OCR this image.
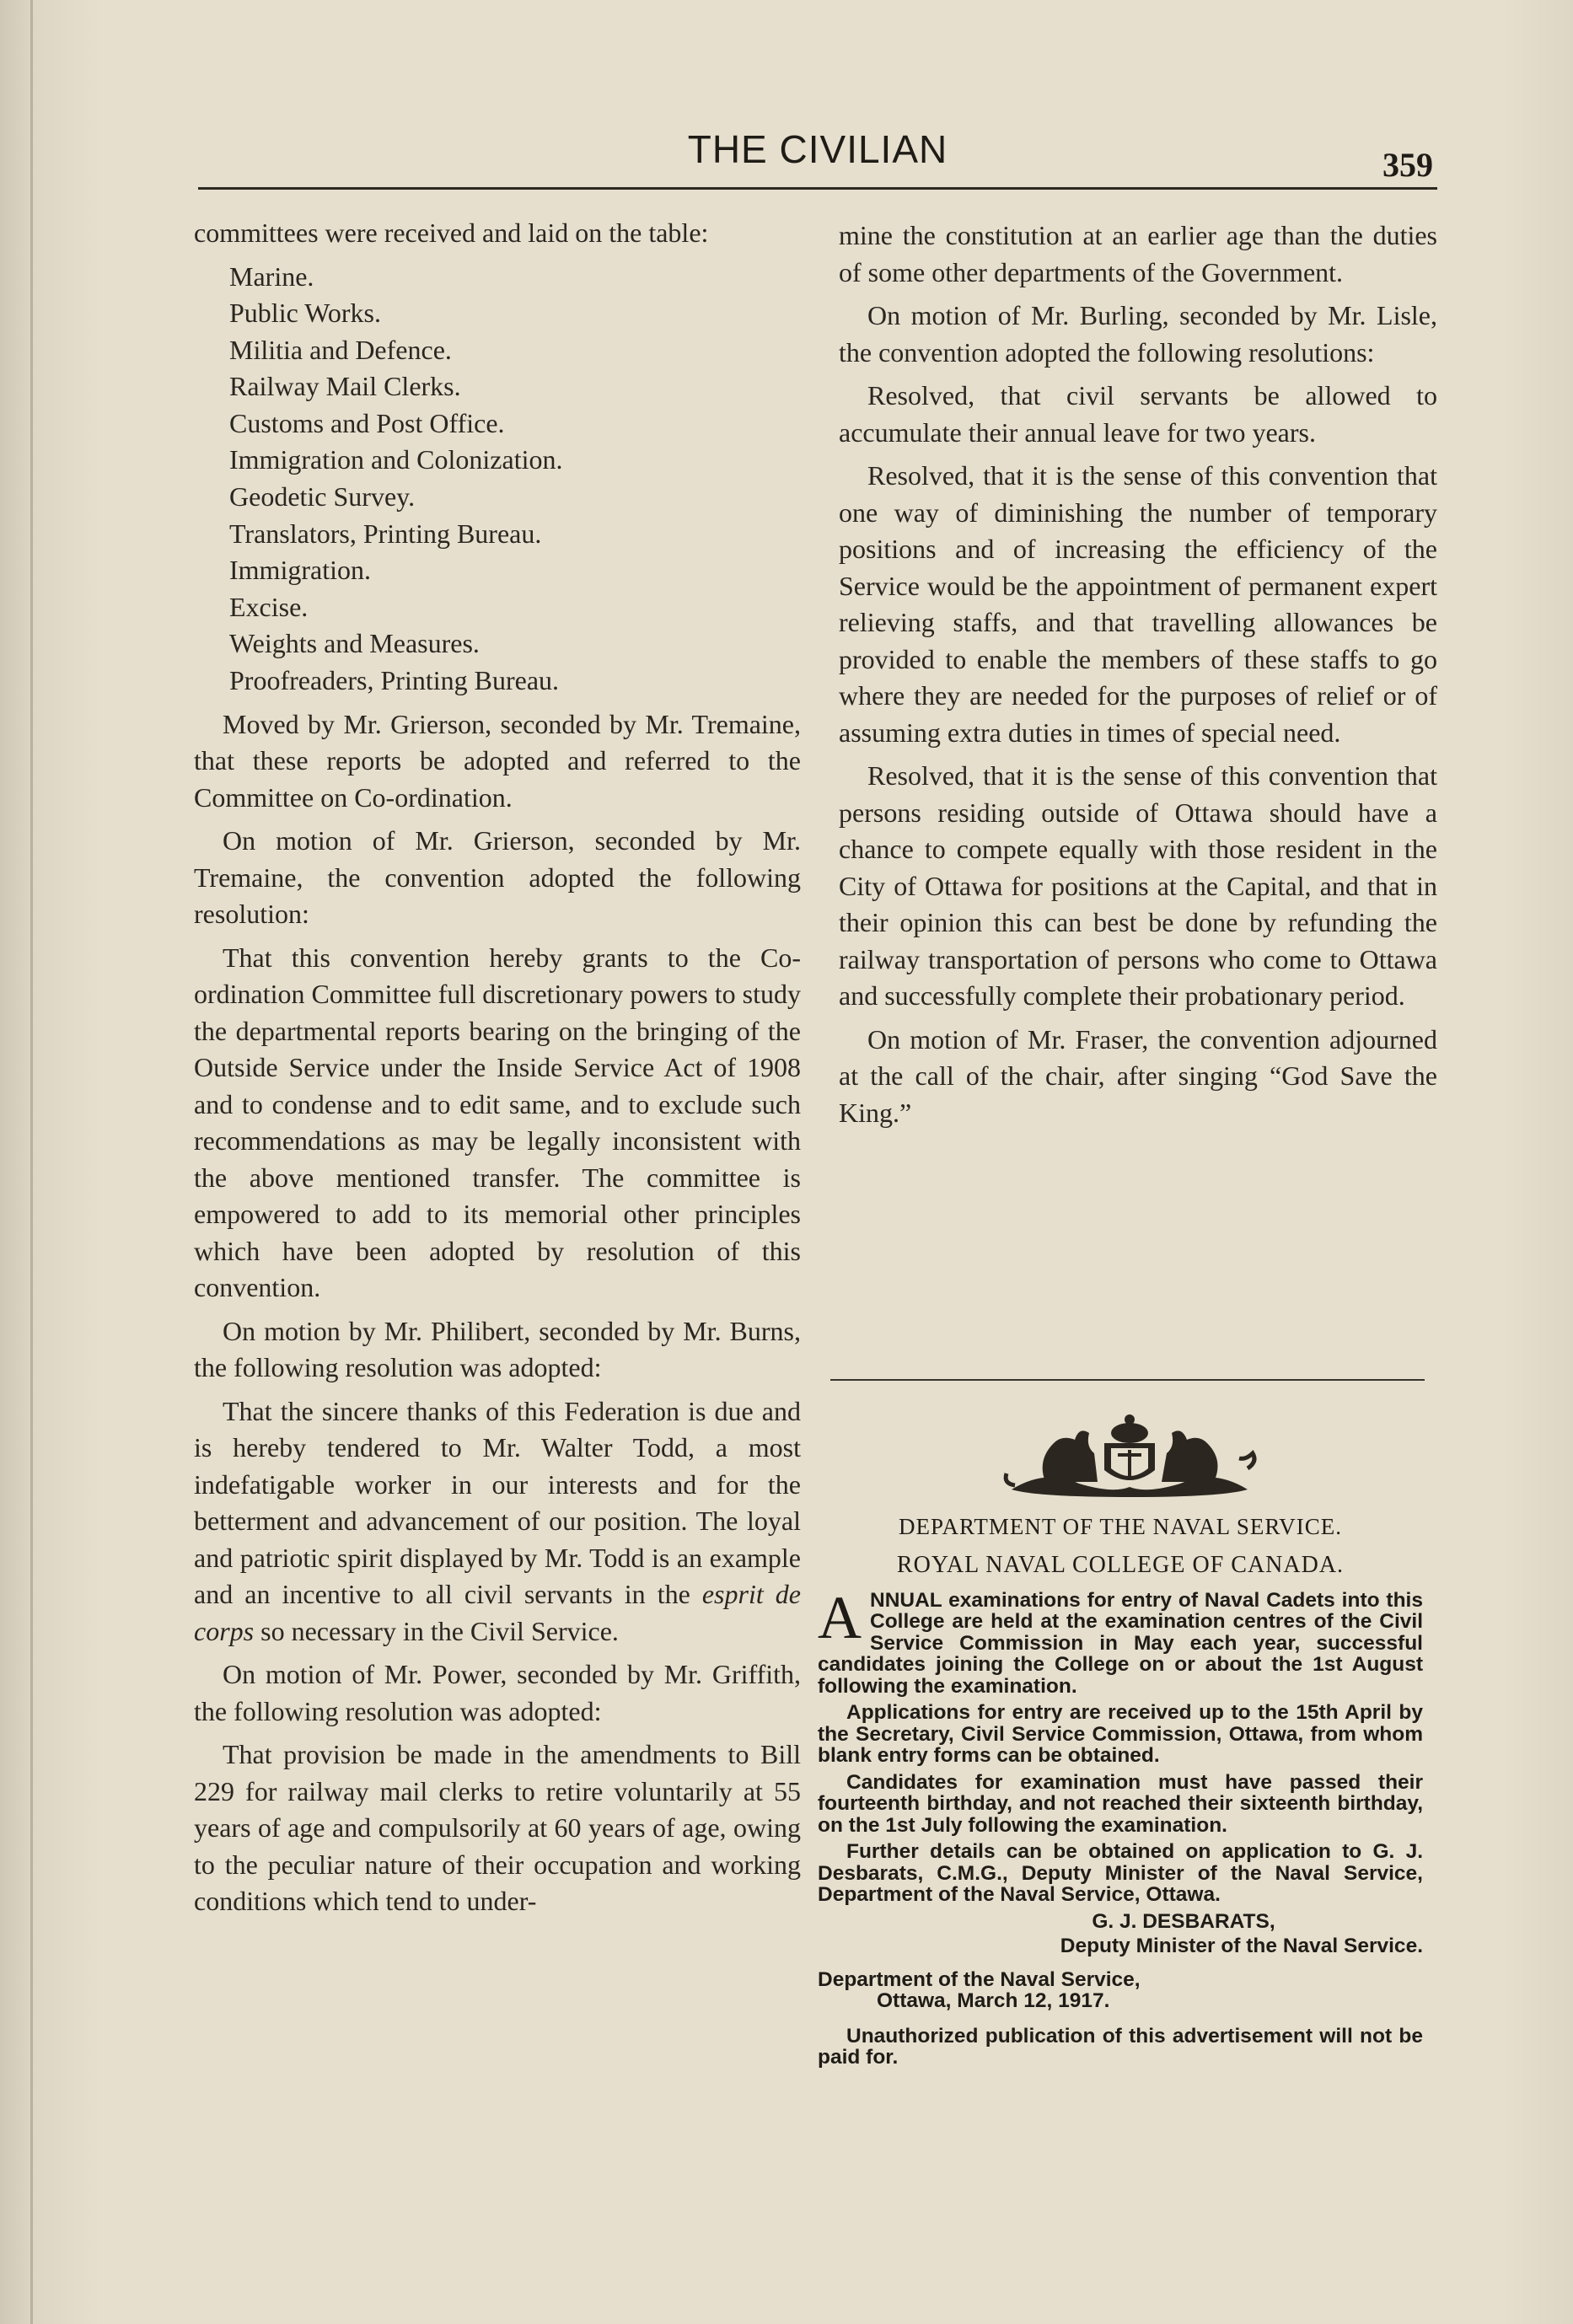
THE CIVILIAN	359

committees were received and laid on the table:

Marine.
Public Works.
Militia and Defence.
Railway Mail Clerks.
Customs and Post Office.
Immigration and Colonization.
Geodetic Survey.
Translators, Printing Bureau.
Immigration.
Excise.
Weights and Measures.
Proofreaders, Printing Bureau.

Moved by Mr. Grierson, seconded by Mr. Tremaine, that these reports be adopted and referred to the Committee on Co-ordination.

On motion of Mr. Grierson, seconded by Mr. Tremaine, the convention adopted the following resolution:

That this convention hereby grants to the Co-ordination Committee full discretionary powers to study the departmental reports bearing on the bringing of the Outside Service under the Inside Service Act of 1908 and to condense and to edit same, and to exclude such recommendations as may be legally inconsistent with the above mentioned transfer. The committee is empowered to add to its memorial other principles which have been adopted by resolution of this convention.

On motion by Mr. Philibert, seconded by Mr. Burns, the following resolution was adopted:

That the sincere thanks of this Federation is due and is hereby tendered to Mr. Walter Todd, a most indefatigable worker in our interests and for the betterment and advancement of our position. The loyal and patriotic spirit displayed by Mr. Todd is an example and an incentive to all civil servants in the esprit de corps so necessary in the Civil Service.

On motion of Mr. Power, seconded by Mr. Griffith, the following resolution was adopted:

That provision be made in the amendments to Bill 229 for railway mail clerks to retire voluntarily at 55 years of age and compulsorily at 60 years of age, owing to the peculiar nature of their occupation and working conditions which tend to under-

mine the constitution at an earlier age than the duties of some other departments of the Government.

On motion of Mr. Burling, seconded by Mr. Lisle, the convention adopted the following resolutions:

Resolved, that civil servants be allowed to accumulate their annual leave for two years.

Resolved, that it is the sense of this convention that one way of diminishing the number of temporary positions and of increasing the efficiency of the Service would be the appointment of permanent expert relieving staffs, and that travelling allowances be provided to enable the members of these staffs to go where they are needed for the purposes of relief or of assuming extra duties in times of special need.

Resolved, that it is the sense of this convention that persons residing outside of Ottawa should have a chance to compete equally with those resident in the City of Ottawa for positions at the Capital, and that in their opinion this can best be done by refunding the railway transportation of persons who come to Ottawa and successfully complete their probationary period.

On motion of Mr. Fraser, the convention adjourned at the call of the chair, after singing “God Save the King.”

DEPARTMENT OF THE NAVAL SERVICE.
ROYAL NAVAL COLLEGE OF CANADA.

ANNUAL examinations for entry of Naval Cadets into this College are held at the examination centres of the Civil Service Commission in May each year, successful candidates joining the College on or about the 1st August following the examination.

Applications for entry are received up to the 15th April by the Secretary, Civil Service Commission, Ottawa, from whom blank entry forms can be obtained.

Candidates for examination must have passed their fourteenth birthday, and not reached their sixteenth birthday, on the 1st July following the examination.

Further details can be obtained on application to G. J. Desbarats, C.M.G., Deputy Minister of the Naval Service, Department of the Naval Service, Ottawa.

G. J. DESBARATS,
Deputy Minister of the Naval Service.
Department of the Naval Service,
Ottawa, March 12, 1917.

Unauthorized publication of this advertisement will not be paid for.
